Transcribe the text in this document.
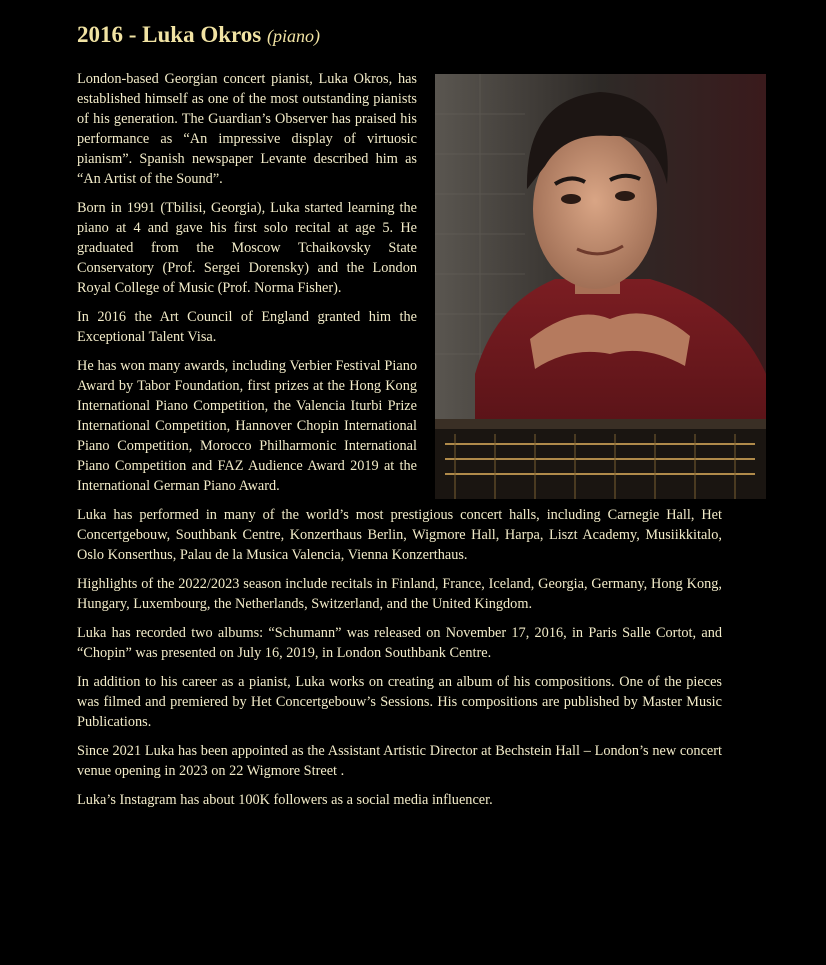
2016 - Luka Okros (piano)

London-based Georgian concert pianist, Luka Okros, has established himself as one of the most outstanding pianists of his generation. The Guardian’s Observer has praised his performance as “An impressive display of virtuosic pianism”. Spanish newspaper Levante described him as “An Artist of the Sound”.

Born in 1991 (Tbilisi, Georgia), Luka started learning the piano at 4 and gave his first solo recital at age 5. He graduated from the Moscow Tchaikovsky State Conservatory (Prof. Sergei Dorensky) and the London Royal College of Music (Prof. Norma Fisher).

In 2016 the Art Council of England granted him the Exceptional Talent Visa.

He has won many awards, including Verbier Festival Piano Award by Tabor Foundation, first prizes at the Hong Kong International Piano Competition, the Valencia Iturbi Prize International Competition, Hannover Chopin International Piano Competition, Morocco Philharmonic International Piano Competition and FAZ Audience Award 2019 at the International German Piano Award.

Luka has performed in many of the world’s most prestigious concert halls, including Carnegie Hall, Het Concertgebouw, Southbank Centre, Konzerthaus Berlin, Wigmore Hall, Harpa, Liszt Academy, Musiikkitalo, Oslo Konserthus, Palau de la Musica Valencia, Vienna Konzerthaus.

Highlights of the 2022/2023 season include recitals in Finland, France, Iceland, Georgia, Germany, Hong Kong, Hungary, Luxembourg, the Netherlands, Switzerland, and the United Kingdom.

Luka has recorded two albums: “Schumann” was released on November 17, 2016, in Paris Salle Cortot, and “Chopin” was presented on July 16, 2019, in London Southbank Centre.

In addition to his career as a pianist, Luka works on creating an album of his compositions. One of the pieces was filmed and premiered by Het Concertgebouw’s Sessions. His compositions are published by Master Music Publications.

Since 2021 Luka has been appointed as the Assistant Artistic Director at Bechstein Hall – London’s new concert venue opening in 2023 on 22 Wigmore Street .

Luka’s Instagram has about 100K followers as a social media influencer.
